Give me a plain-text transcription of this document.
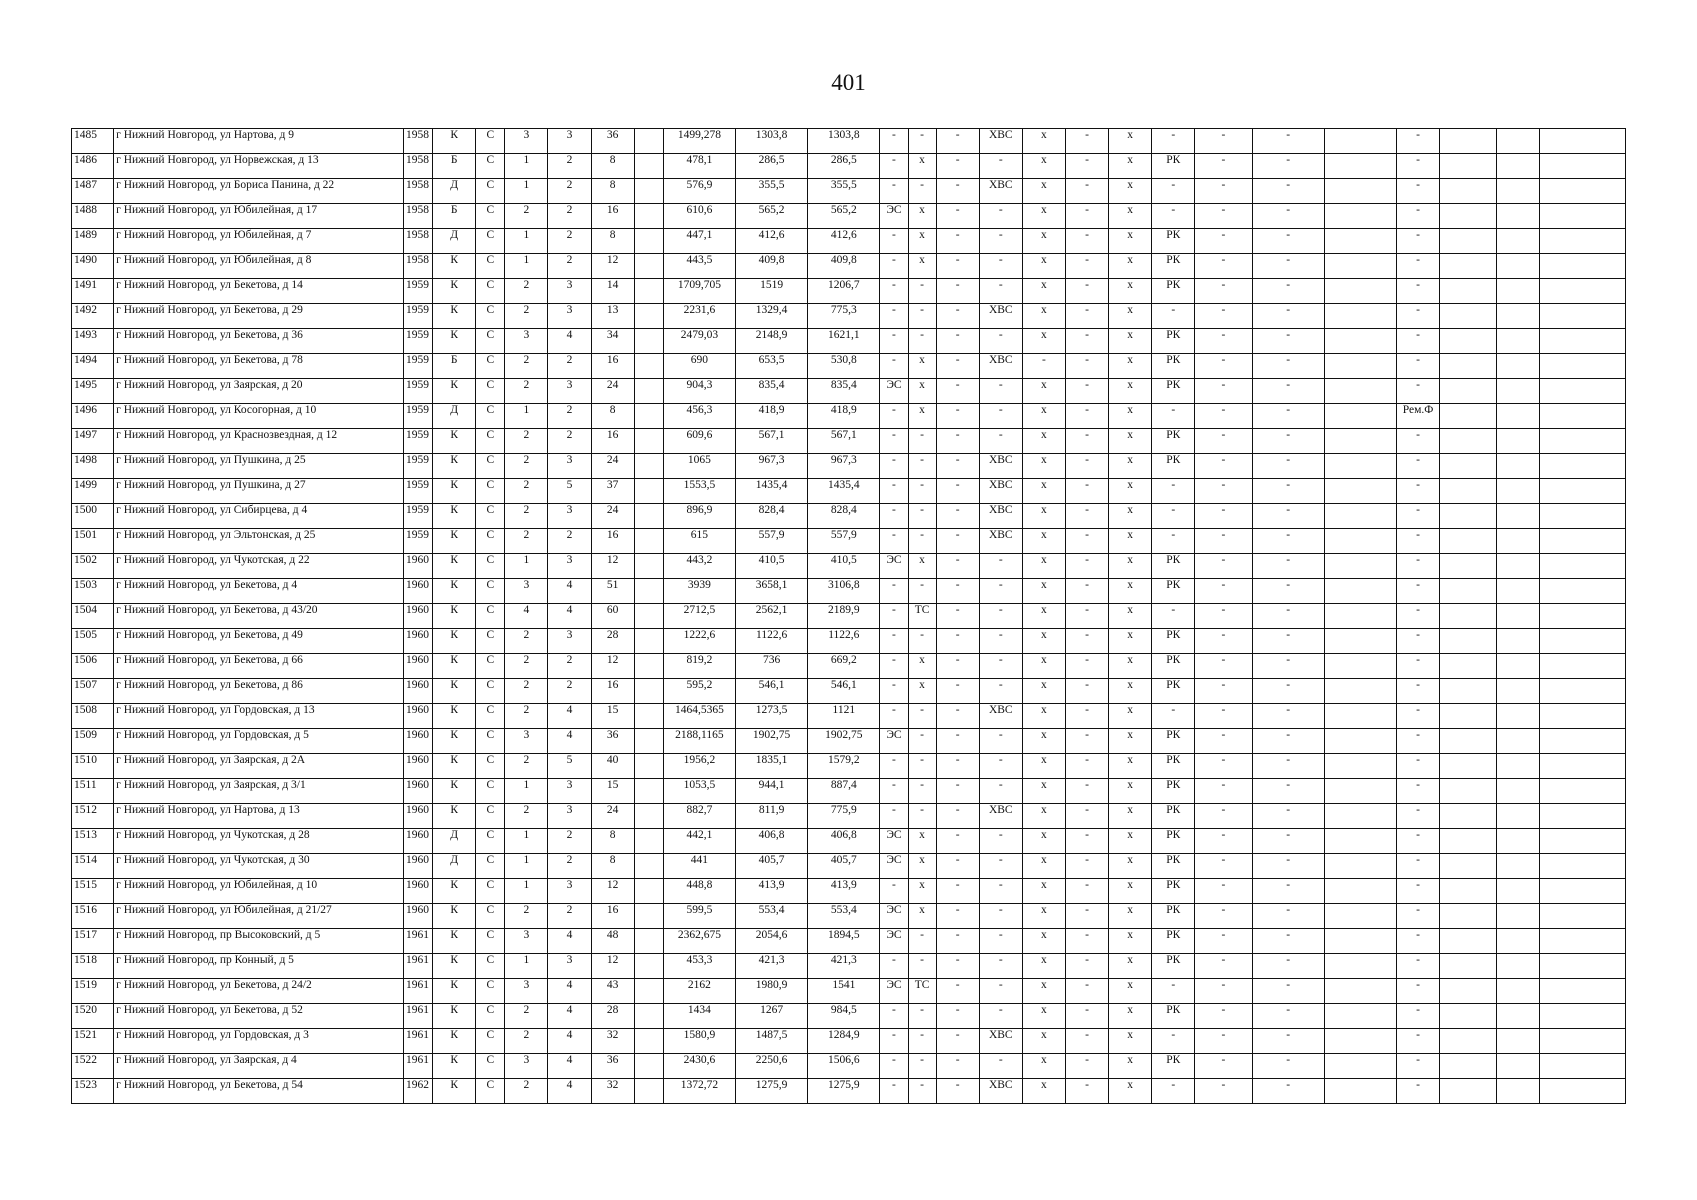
401
1485	г Нижний Новгород, ул Нартова, д 9	1958	К	С	3	3	36		1499,278	1303,8	1303,8	-	-	-	ХВС	х	-	х	-	-	-		-			
1486	г Нижний Новгород, ул Норвежская, д 13	1958	Б	С	1	2	8		478,1	286,5	286,5	-	х	-	-	х	-	х	РК	-	-		-			
1487	г Нижний Новгород, ул Бориса Панина, д 22	1958	Д	С	1	2	8		576,9	355,5	355,5	-	-	-	ХВС	х	-	х	-	-	-		-			
1488	г Нижний Новгород, ул Юбилейная, д 17	1958	Б	С	2	2	16		610,6	565,2	565,2	ЭС	х	-	-	х	-	х	-	-	-		-			
1489	г Нижний Новгород, ул Юбилейная, д 7	1958	Д	С	1	2	8		447,1	412,6	412,6	-	х	-	-	х	-	х	РК	-	-		-			
1490	г Нижний Новгород, ул Юбилейная, д 8	1958	К	С	1	2	12		443,5	409,8	409,8	-	х	-	-	х	-	х	РК	-	-		-			
1491	г Нижний Новгород, ул Бекетова, д 14	1959	К	С	2	3	14		1709,705	1519	1206,7	-	-	-	-	х	-	х	РК	-	-		-			
1492	г Нижний Новгород, ул Бекетова, д 29	1959	К	С	2	3	13		2231,6	1329,4	775,3	-	-	-	ХВС	х	-	х	-	-	-		-			
1493	г Нижний Новгород, ул Бекетова, д 36	1959	К	С	3	4	34		2479,03	2148,9	1621,1	-	-	-	-	х	-	х	РК	-	-		-			
1494	г Нижний Новгород, ул Бекетова, д 78	1959	Б	С	2	2	16		690	653,5	530,8	-	х	-	ХВС	-	-	х	РК	-	-		-			
1495	г Нижний Новгород, ул Заярская, д 20	1959	К	С	2	3	24		904,3	835,4	835,4	ЭС	х	-	-	х	-	х	РК	-	-		-			
1496	г Нижний Новгород, ул Косогорная, д 10	1959	Д	С	1	2	8		456,3	418,9	418,9	-	х	-	-	х	-	х	-	-	-		Рем.Ф			
1497	г Нижний Новгород, ул Краснозвездная, д 12	1959	К	С	2	2	16		609,6	567,1	567,1	-	-	-	-	х	-	х	РК	-	-		-			
1498	г Нижний Новгород, ул Пушкина, д 25	1959	К	С	2	3	24		1065	967,3	967,3	-	-	-	ХВС	х	-	х	РК	-	-		-			
1499	г Нижний Новгород, ул Пушкина, д 27	1959	К	С	2	5	37		1553,5	1435,4	1435,4	-	-	-	ХВС	х	-	х	-	-	-		-			
1500	г Нижний Новгород, ул Сибирцева, д 4	1959	К	С	2	3	24		896,9	828,4	828,4	-	-	-	ХВС	х	-	х	-	-	-		-			
1501	г Нижний Новгород, ул Эльтонская, д 25	1959	К	С	2	2	16		615	557,9	557,9	-	-	-	ХВС	х	-	х	-	-	-		-			
1502	г Нижний Новгород, ул Чукотская, д 22	1960	К	С	1	3	12		443,2	410,5	410,5	ЭС	х	-	-	х	-	х	РК	-	-		-			
1503	г Нижний Новгород, ул Бекетова, д 4	1960	К	С	3	4	51		3939	3658,1	3106,8	-	-	-	-	х	-	х	РК	-	-		-			
1504	г Нижний Новгород, ул Бекетова, д 43/20	1960	К	С	4	4	60		2712,5	2562,1	2189,9	-	ТС	-	-	х	-	х	-	-	-		-			
1505	г Нижний Новгород, ул Бекетова, д 49	1960	К	С	2	3	28		1222,6	1122,6	1122,6	-	-	-	-	х	-	х	РК	-	-		-			
1506	г Нижний Новгород, ул Бекетова, д 66	1960	К	С	2	2	12		819,2	736	669,2	-	х	-	-	х	-	х	РК	-	-		-			
1507	г Нижний Новгород, ул Бекетова, д 86	1960	К	С	2	2	16		595,2	546,1	546,1	-	х	-	-	х	-	х	РК	-	-		-			
1508	г Нижний Новгород, ул Гордовская, д 13	1960	К	С	2	4	15		1464,5365	1273,5	1121	-	-	-	ХВС	х	-	х	-	-	-		-			
1509	г Нижний Новгород, ул Гордовская, д 5	1960	К	С	3	4	36		2188,1165	1902,75	1902,75	ЭС	-	-	-	х	-	х	РК	-	-		-			
1510	г Нижний Новгород, ул Заярская, д 2А	1960	К	С	2	5	40		1956,2	1835,1	1579,2	-	-	-	-	х	-	х	РК	-	-		-			
1511	г Нижний Новгород, ул Заярская, д 3/1	1960	К	С	1	3	15		1053,5	944,1	887,4	-	-	-	-	х	-	х	РК	-	-		-			
1512	г Нижний Новгород, ул Нартова, д 13	1960	К	С	2	3	24		882,7	811,9	775,9	-	-	-	ХВС	х	-	х	РК	-	-		-			
1513	г Нижний Новгород, ул Чукотская, д 28	1960	Д	С	1	2	8		442,1	406,8	406,8	ЭС	х	-	-	х	-	х	РК	-	-		-			
1514	г Нижний Новгород, ул Чукотская, д 30	1960	Д	С	1	2	8		441	405,7	405,7	ЭС	х	-	-	х	-	х	РК	-	-		-			
1515	г Нижний Новгород, ул Юбилейная, д 10	1960	К	С	1	3	12		448,8	413,9	413,9	-	х	-	-	х	-	х	РК	-	-		-			
1516	г Нижний Новгород, ул Юбилейная, д 21/27	1960	К	С	2	2	16		599,5	553,4	553,4	ЭС	х	-	-	х	-	х	РК	-	-		-			
1517	г Нижний Новгород, пр Высоковский, д 5	1961	К	С	3	4	48		2362,675	2054,6	1894,5	ЭС	-	-	-	х	-	х	РК	-	-		-			
1518	г Нижний Новгород, пр Конный, д 5	1961	К	С	1	3	12		453,3	421,3	421,3	-	-	-	-	х	-	х	РК	-	-		-			
1519	г Нижний Новгород, ул Бекетова, д 24/2	1961	К	С	3	4	43		2162	1980,9	1541	ЭС	ТС	-	-	х	-	х	-	-	-		-			
1520	г Нижний Новгород, ул Бекетова, д 52	1961	К	С	2	4	28		1434	1267	984,5	-	-	-	-	х	-	х	РК	-	-		-			
1521	г Нижний Новгород, ул Гордовская, д 3	1961	К	С	2	4	32		1580,9	1487,5	1284,9	-	-	-	ХВС	х	-	х	-	-	-		-			
1522	г Нижний Новгород, ул Заярская, д 4	1961	К	С	3	4	36		2430,6	2250,6	1506,6	-	-	-	-	х	-	х	РК	-	-		-			
1523	г Нижний Новгород, ул Бекетова, д 54	1962	К	С	2	4	32		1372,72	1275,9	1275,9	-	-	-	ХВС	х	-	х	-	-	-		-			
